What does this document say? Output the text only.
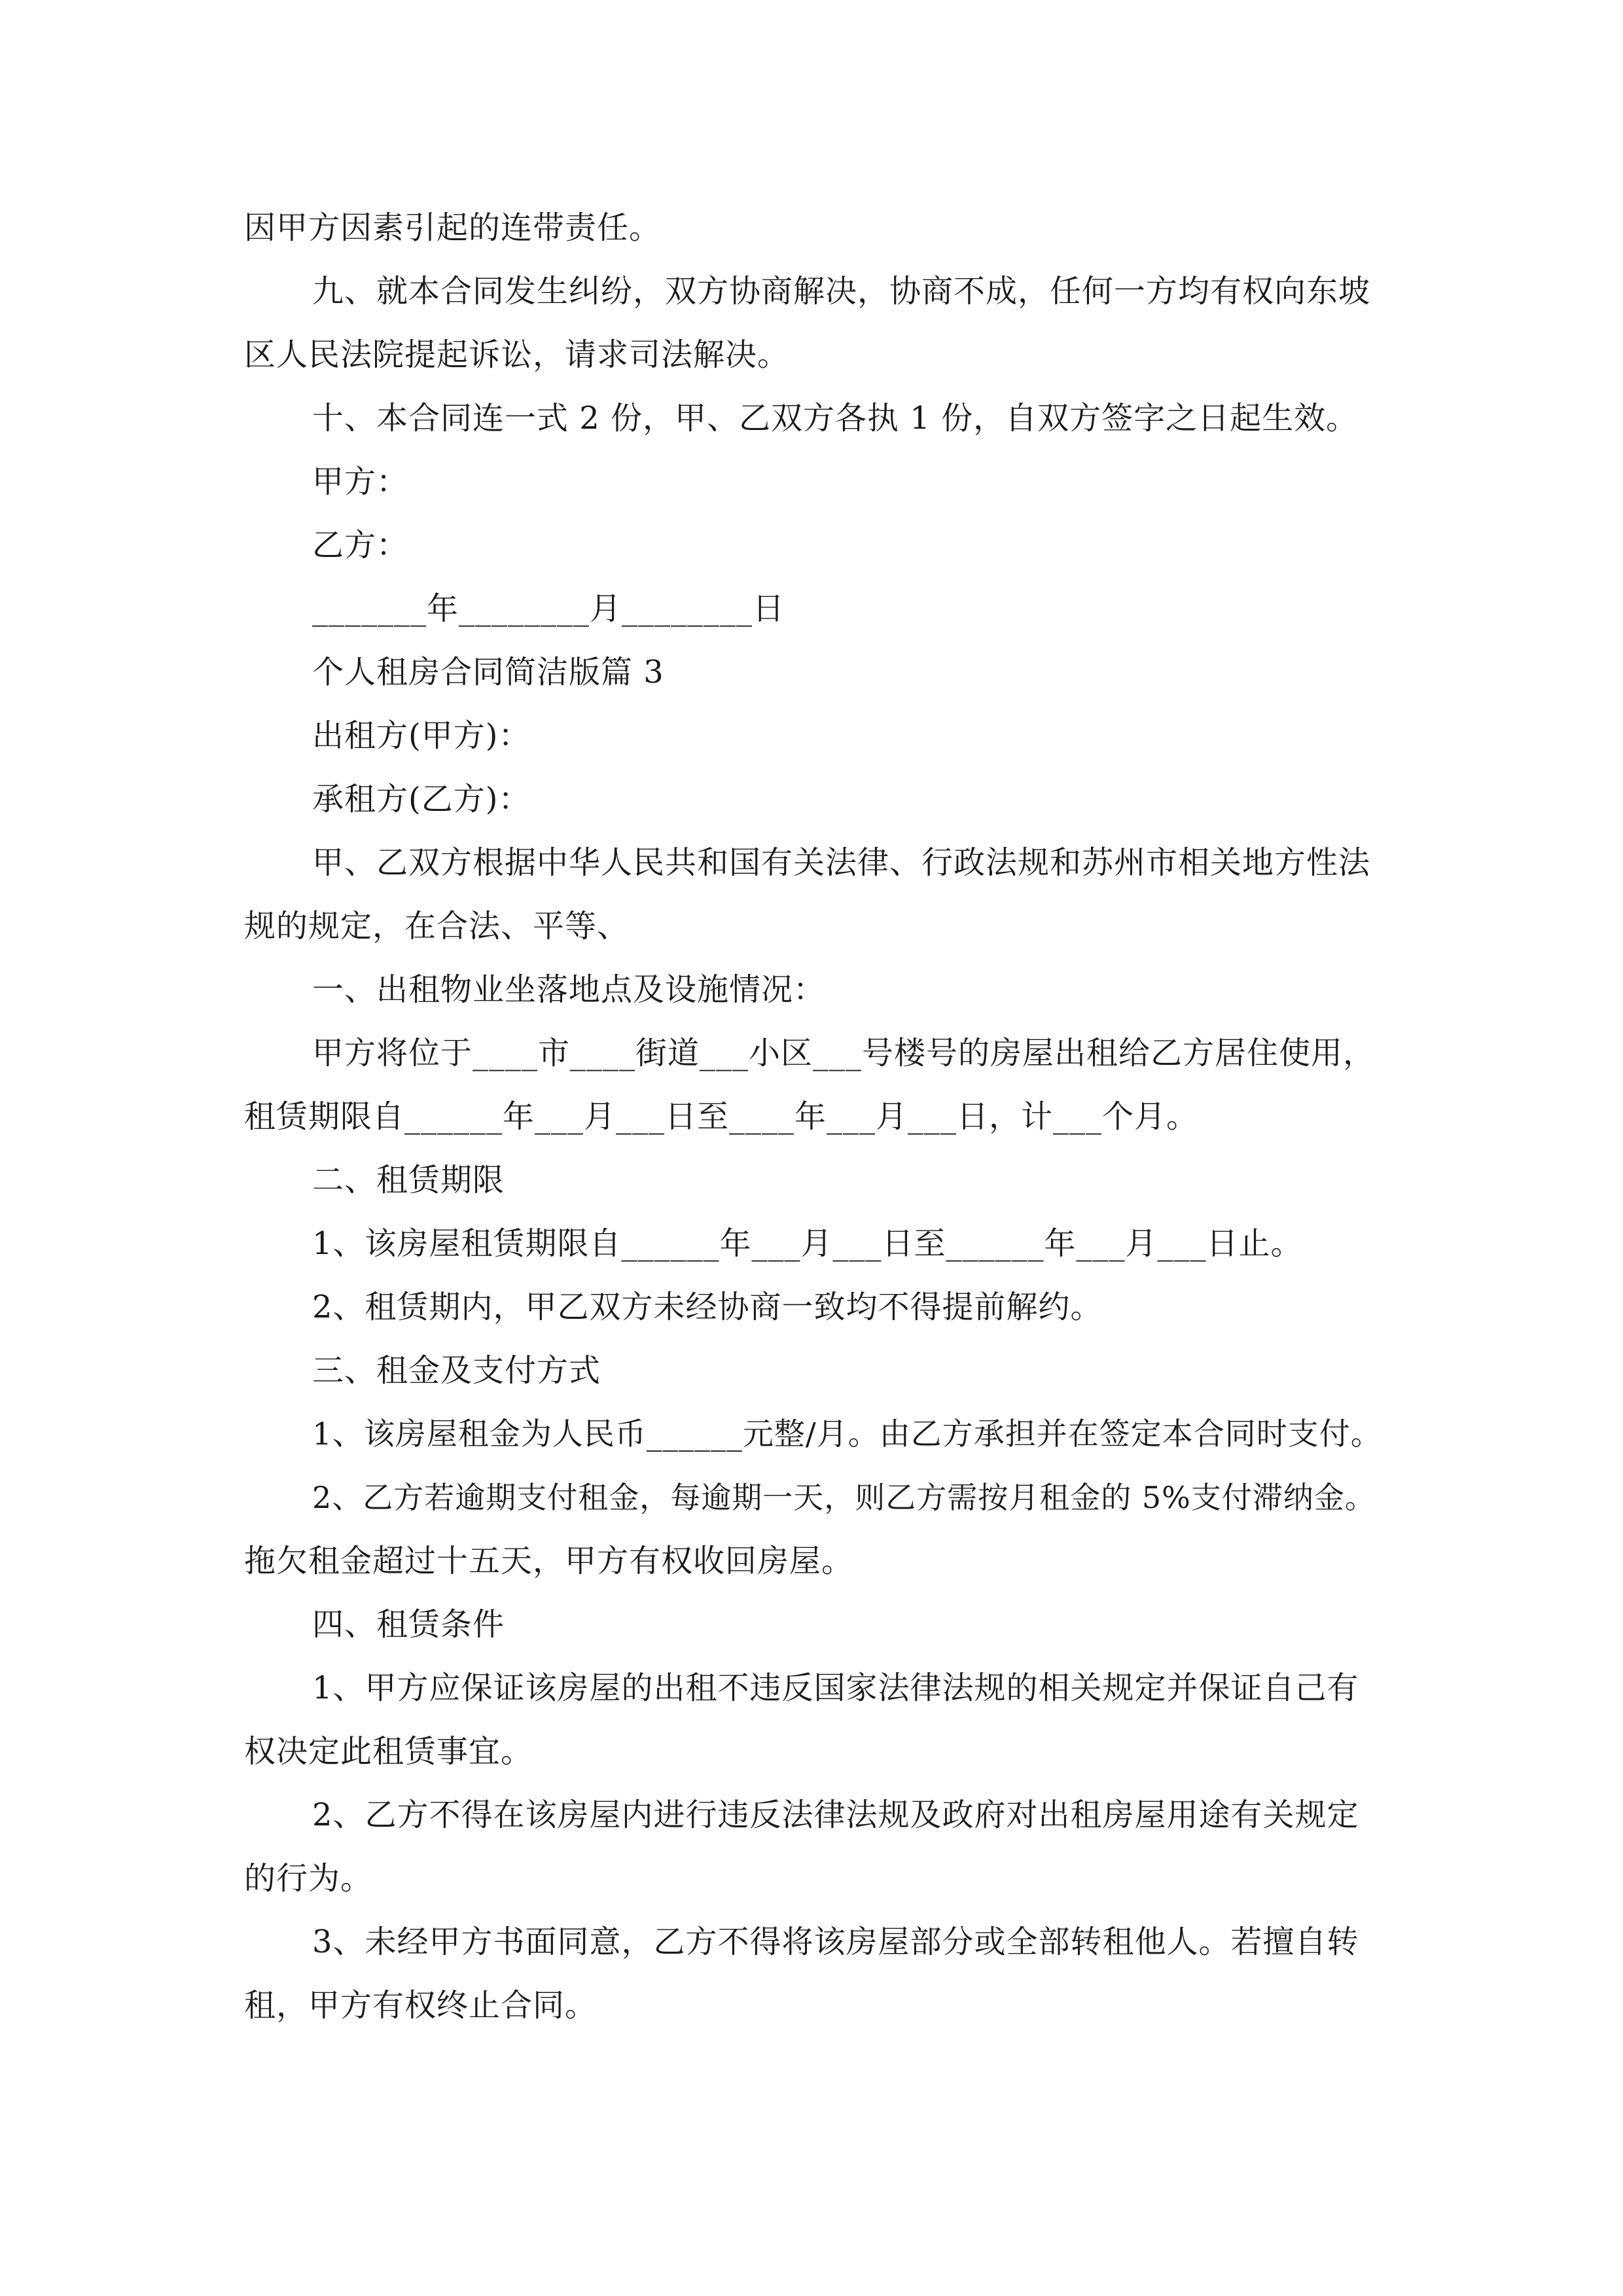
因甲方因素引起的连带责任。
九、就本合同发生纠纷，双方协商解决，协商不成，任何一方均有权向东坡
区人民法院提起诉讼，请求司法解决。
十、本合同连一式 2 份，甲、乙双方各执 1 份，自双方签字之日起生效。
甲方：
乙方：
_______年________月________日
个人租房合同简洁版篇 3
出租方(甲方)：
承租方(乙方)：
甲、乙双方根据中华人民共和国有关法律、行政法规和苏州市相关地方性法
规的规定，在合法、平等、
一、出租物业坐落地点及设施情况：
甲方将位于____市____街道___小区___号楼号的房屋出租给乙方居住使用，
租赁期限自______年___月___日至____年___月___日，计___个月。
二、租赁期限
1、该房屋租赁期限自______年___月___日至______年___月___日止。
2、租赁期内，甲乙双方未经协商一致均不得提前解约。
三、租金及支付方式
1、该房屋租金为人民币______元整/月。由乙方承担并在签定本合同时支付。
2、乙方若逾期支付租金，每逾期一天，则乙方需按月租金的 5%支付滞纳金。
拖欠租金超过十五天，甲方有权收回房屋。
四、租赁条件
1、甲方应保证该房屋的出租不违反国家法律法规的相关规定并保证自己有
权决定此租赁事宜。
2、乙方不得在该房屋内进行违反法律法规及政府对出租房屋用途有关规定
的行为。
3、未经甲方书面同意，乙方不得将该房屋部分或全部转租他人。若擅自转
租，甲方有权终止合同。
